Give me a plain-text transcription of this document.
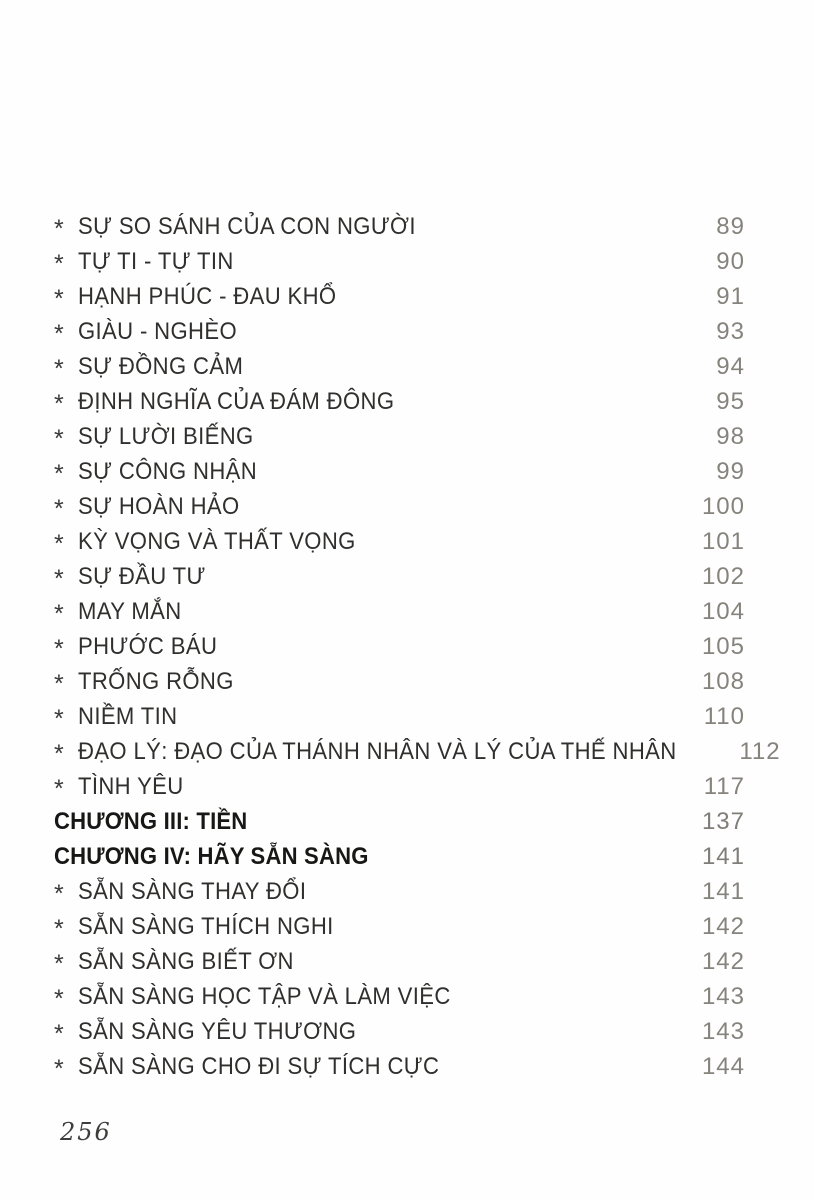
* SỰ SO SÁNH CỦA CON NGƯỜI	89
* TỰ TI - TỰ TIN	90
* HẠNH PHÚC - ĐAU KHỔ	91
* GIÀU - NGHÈO	93
* SỰ ĐỒNG CẢM	94
* ĐỊNH NGHĨA CỦA ĐÁM ĐÔNG	95
* SỰ LƯỜI BIẾNG	98
* SỰ CÔNG NHẬN	99
* SỰ HOÀN HẢO	100
* KỲ VỌNG VÀ THẤT VỌNG	101
* SỰ ĐẦU TƯ	102
* MAY MẮN	104
* PHƯỚC BÁU	105
* TRỐNG RỖNG	108
* NIỀM TIN	110
* ĐẠO LÝ: ĐẠO CỦA THÁNH NHÂN VÀ LÝ CỦA THẾ NHÂN	112
* TÌNH YÊU	117
CHƯƠNG III: TIỀN	137
CHƯƠNG IV: HÃY SẴN SÀNG	141
* SẴN SÀNG THAY ĐỔI	141
* SẴN SÀNG THÍCH NGHI	142
* SẴN SÀNG BIẾT ƠN	142
* SẴN SÀNG HỌC TẬP VÀ LÀM VIỆC	143
* SẴN SÀNG YÊU THƯƠNG	143
* SẴN SÀNG CHO ĐI SỰ TÍCH CỰC	144
256
